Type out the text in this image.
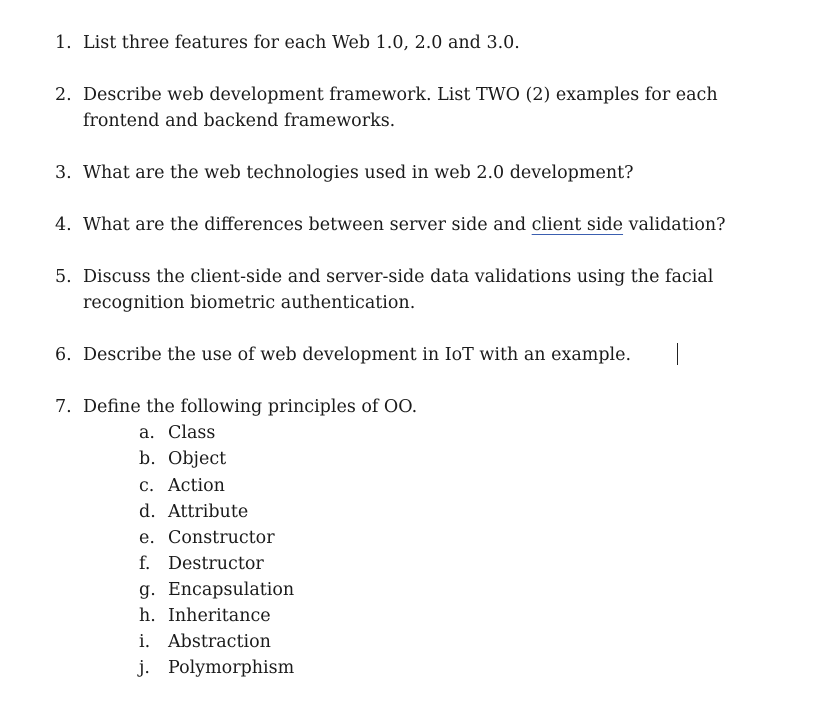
1. List three features for each Web 1.0, 2.0 and 3.0.
2. Describe web development framework. List TWO (2) examples for each
frontend and backend frameworks.
3. What are the web technologies used in web 2.0 development?
4. What are the differences between server side and client side validation?
5. Discuss the client-side and server-side data validations using the facial
recognition biometric authentication.
6. Describe the use of web development in IoT with an example.
7. Define the following principles of OO.
a. Class
b. Object
c. Action
d. Attribute
e. Constructor
f.	Destructor
g. Encapsulation
h. Inheritance
i.	Abstraction
j.	Polymorphism
